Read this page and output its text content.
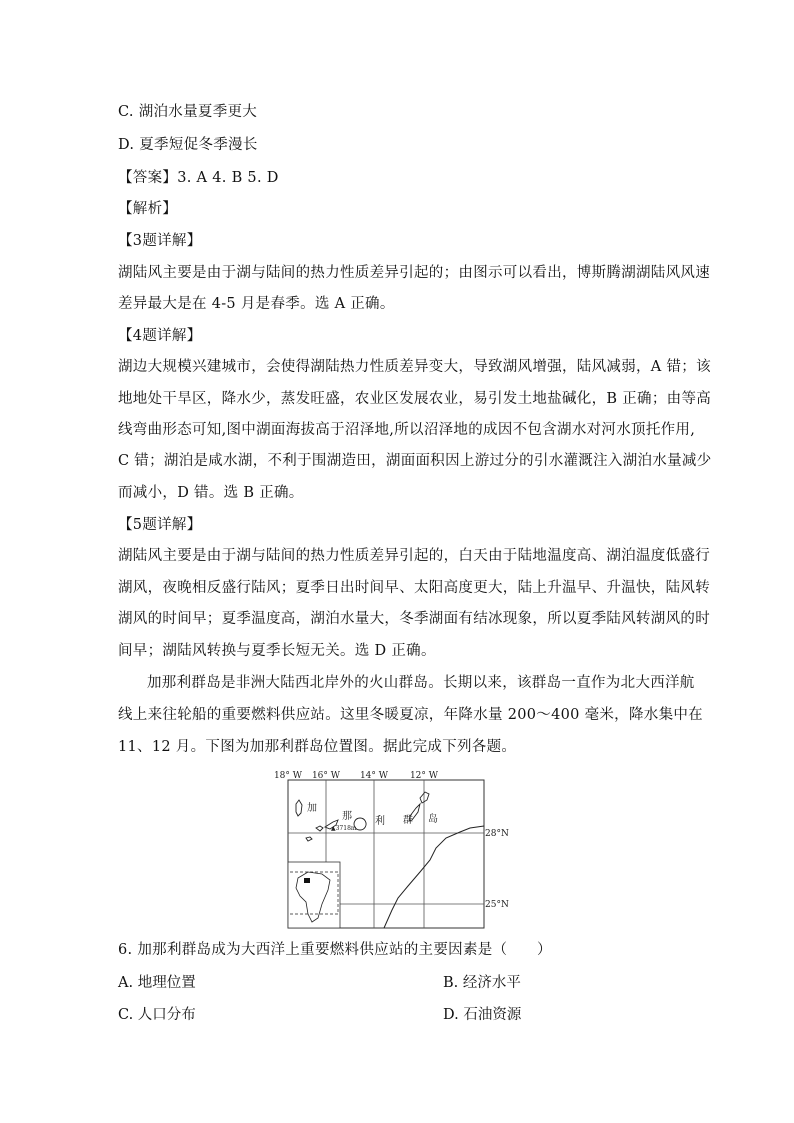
C. 湖泊水量夏季更大
D. 夏季短促冬季漫长
【答案】3. A 4. B 5. D
【解析】
【3题详解】
湖陆风主要是由于湖与陆间的热力性质差异引起的；由图示可以看出，博斯腾湖湖陆风风速
差异最大是在 4-5 月是春季。选 A 正确。
【4题详解】
湖边大规模兴建城市，会使得湖陆热力性质差异变大，导致湖风增强，陆风减弱，A 错；该
地地处干旱区，降水少，蒸发旺盛，农业区发展农业，易引发土地盐碱化，B 正确；由等高
线弯曲形态可知,图中湖面海拔高于沼泽地,所以沼泽地的成因不包含湖水对河水顶托作用,
C 错；湖泊是咸水湖，不利于围湖造田，湖面面积因上游过分的引水灌溉注入湖泊水量减少
而减小，D 错。选 B 正确。
【5题详解】
湖陆风主要是由于湖与陆间的热力性质差异引起的，白天由于陆地温度高、湖泊温度低盛行
湖风，夜晚相反盛行陆风；夏季日出时间早、太阳高度更大，陆上升温早、升温快，陆风转
湖风的时间早；夏季温度高，湖泊水量大，冬季湖面有结冰现象，所以夏季陆风转湖风的时
间早；湖陆风转换与夏季长短无关。选 D 正确。
加那利群岛是非洲大陆西北岸外的火山群岛。长期以来，该群岛一直作为北大西洋航
线上来往轮船的重要燃料供应站。这里冬暖夏凉，年降水量 200～400 毫米，降水集中在
11、12 月。下图为加那利群岛位置图。据此完成下列各题。
18° W 16° W 14° W 12° W
28°N
25°N
加
那 利 群 岛
▲3718m
6. 加那利群岛成为大西洋上重要燃料供应站的主要因素是（　　）
A. 地理位置	B. 经济水平
C. 人口分布	D. 石油资源
